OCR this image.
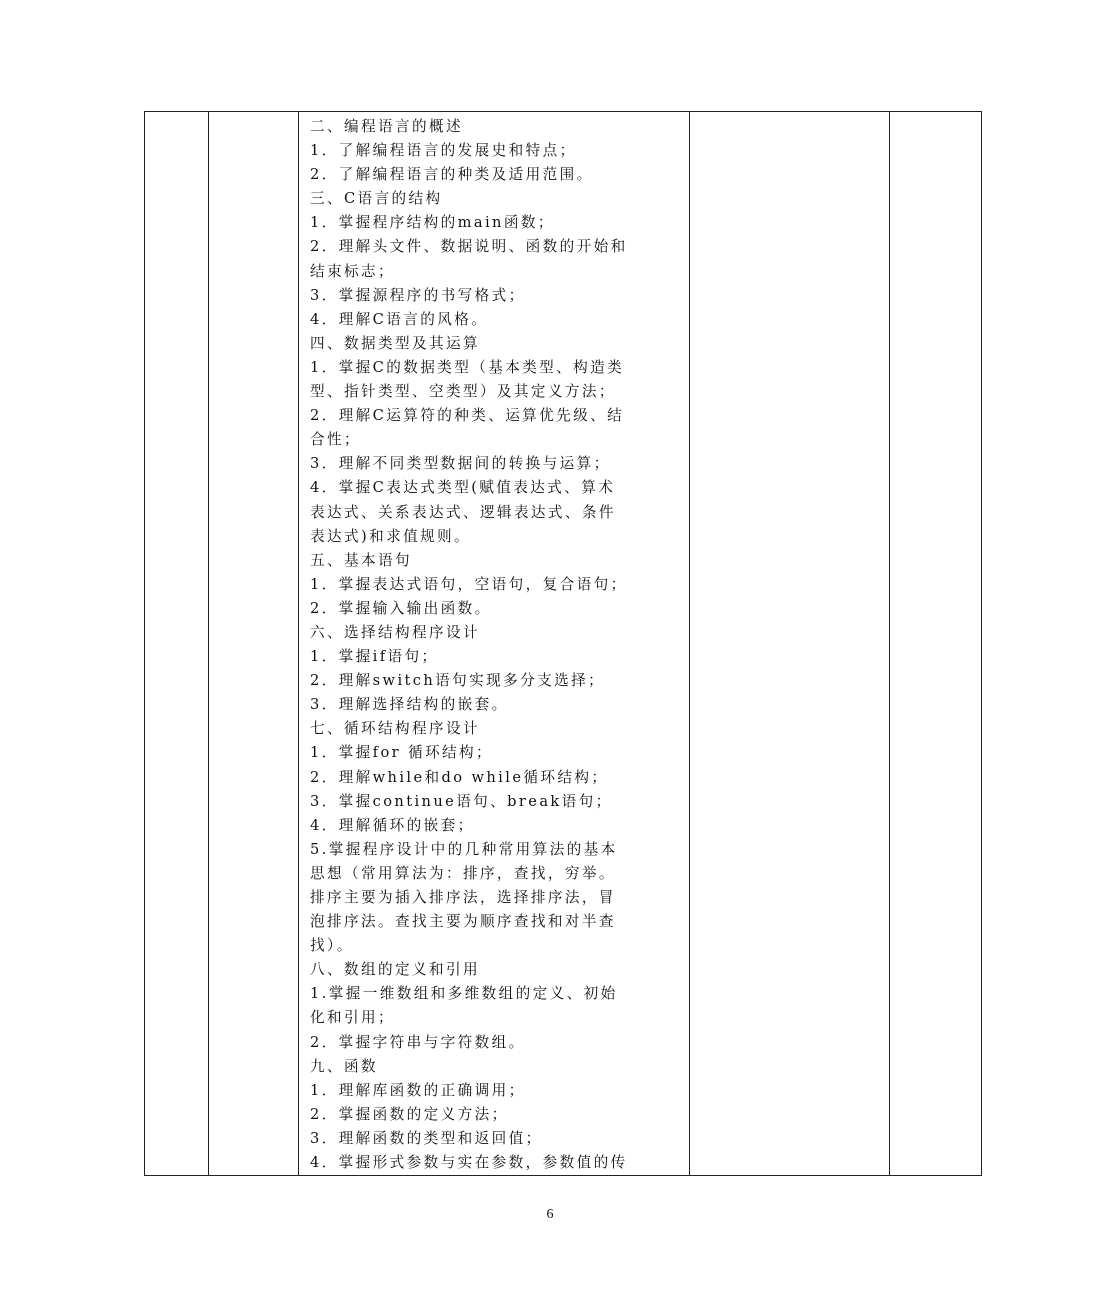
二、编程语言的概述
1．了解编程语言的发展史和特点；
2．了解编程语言的种类及适用范围。
三、C语言的结构
1．掌握程序结构的main函数；
2．理解头文件、数据说明、函数的开始和
结束标志；
3．掌握源程序的书写格式；
4．理解C语言的风格。
四、数据类型及其运算
1．掌握C的数据类型（基本类型、构造类
型、指针类型、空类型）及其定义方法；
2．理解C运算符的种类、运算优先级、结
合性；
3．理解不同类型数据间的转换与运算；
4．掌握C表达式类型(赋值表达式、算术
表达式、关系表达式、逻辑表达式、条件
表达式)和求值规则。
五、基本语句
1．掌握表达式语句，空语句，复合语句；
2．掌握输入输出函数。
六、选择结构程序设计
1．掌握if语句；
2．理解switch语句实现多分支选择；
3．理解选择结构的嵌套。
七、循环结构程序设计
1．掌握for 循环结构；
2．理解while和do while循环结构；
3．掌握continue语句、break语句；
4．理解循环的嵌套；
5.掌握程序设计中的几种常用算法的基本
思想（常用算法为：排序，查找，穷举。
排序主要为插入排序法，选择排序法，冒
泡排序法。查找主要为顺序查找和对半查
找）。
八、数组的定义和引用
1.掌握一维数组和多维数组的定义、初始
化和引用；
2．掌握字符串与字符数组。
九、函数
1．理解库函数的正确调用；
2．掌握函数的定义方法；
3．理解函数的类型和返回值；
4．掌握形式参数与实在参数，参数值的传

6
